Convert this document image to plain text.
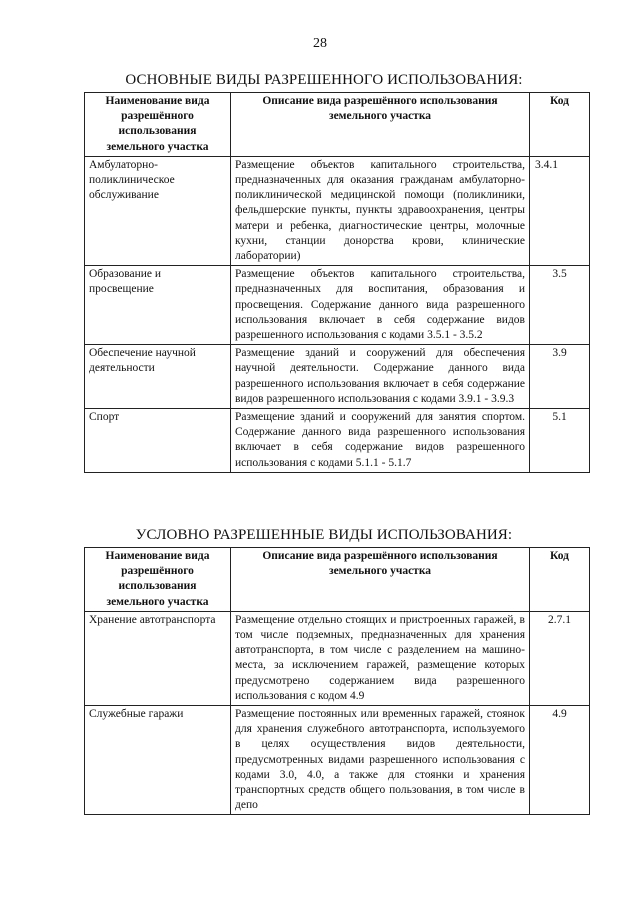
28
ОСНОВНЫЕ ВИДЫ РАЗРЕШЕННОГО ИСПОЛЬЗОВАНИЯ:
Наименование вида разрешённого использования земельного участка	Описание вида разрешённого использования земельного участка	Код
Амбулаторно-поликлиническое обслуживание	Размещение объектов капитального строительства, предназначенных для оказания гражданам амбулаторно-поликлинической медицинской помощи (поликлиники, фельдшерские пункты, пункты здравоохранения, центры матери и ребенка, диагностические центры, молочные кухни, станции донорства крови, клинические лаборатории)	3.4.1
Образование и просвещение	Размещение объектов капитального строительства, предназначенных для воспитания, образования и просвещения. Содержание данного вида разрешенного использования включает в себя содержание видов разрешенного использования с кодами 3.5.1 - 3.5.2	3.5
Обеспечение научной деятельности	Размещение зданий и сооружений для обеспечения научной деятельности. Содержание данного вида разрешенного использования включает в себя содержание видов разрешенного использования с кодами 3.9.1 - 3.9.3	3.9
Спорт	Размещение зданий и сооружений для занятия спортом. Содержание данного вида разрешенного использования включает в себя содержание видов разрешенного использования с кодами 5.1.1 - 5.1.7	5.1
УСЛОВНО РАЗРЕШЕННЫЕ ВИДЫ ИСПОЛЬЗОВАНИЯ:
Наименование вида разрешённого использования земельного участка	Описание вида разрешённого использования земельного участка	Код
Хранение автотранспорта	Размещение отдельно стоящих и пристроенных гаражей, в том числе подземных, предназначенных для хранения автотранспорта, в том числе с разделением на машино-места, за исключением гаражей, размещение которых предусмотрено содержанием вида разрешенного использования с кодом 4.9	2.7.1
Служебные гаражи	Размещение постоянных или временных гаражей, стоянок для хранения служебного автотранспорта, используемого в целях осуществления видов деятельности, предусмотренных видами разрешенного использования с кодами 3.0, 4.0, а также для стоянки и хранения транспортных средств общего пользования, в том числе в депо	4.9
